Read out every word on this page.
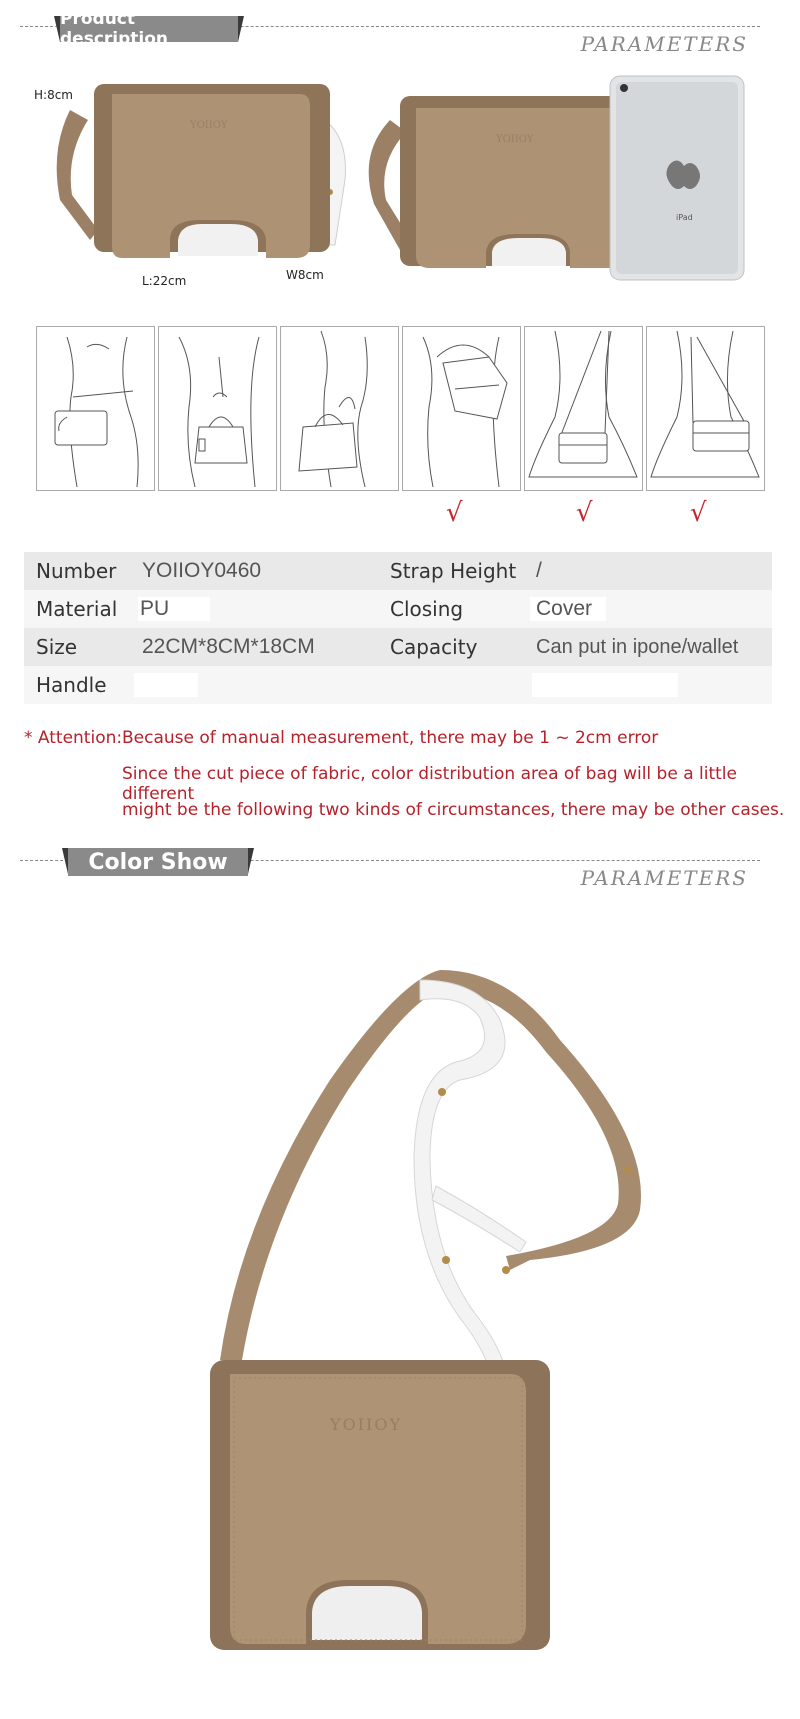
Product description	PARAMETERS
YOIIOY
H:8cm
L:22cm	W8cm
YOIIOY
iPad
√	√	√
Number YOIIOY0460	Strap Height /
Material PU	Closing	Cover
Size	22CM*8CM*18CM	Capacity	Can put in ipone/wallet
Handle
* Attention: Because of manual measurement, there may be 1 ~ 2cm error
Since the cut piece of fabric, color distribution area of bag will be a little different
might be the following two kinds of circumstances, there may be other cases.
Color Show
PARAMETERS
YOIIOY
